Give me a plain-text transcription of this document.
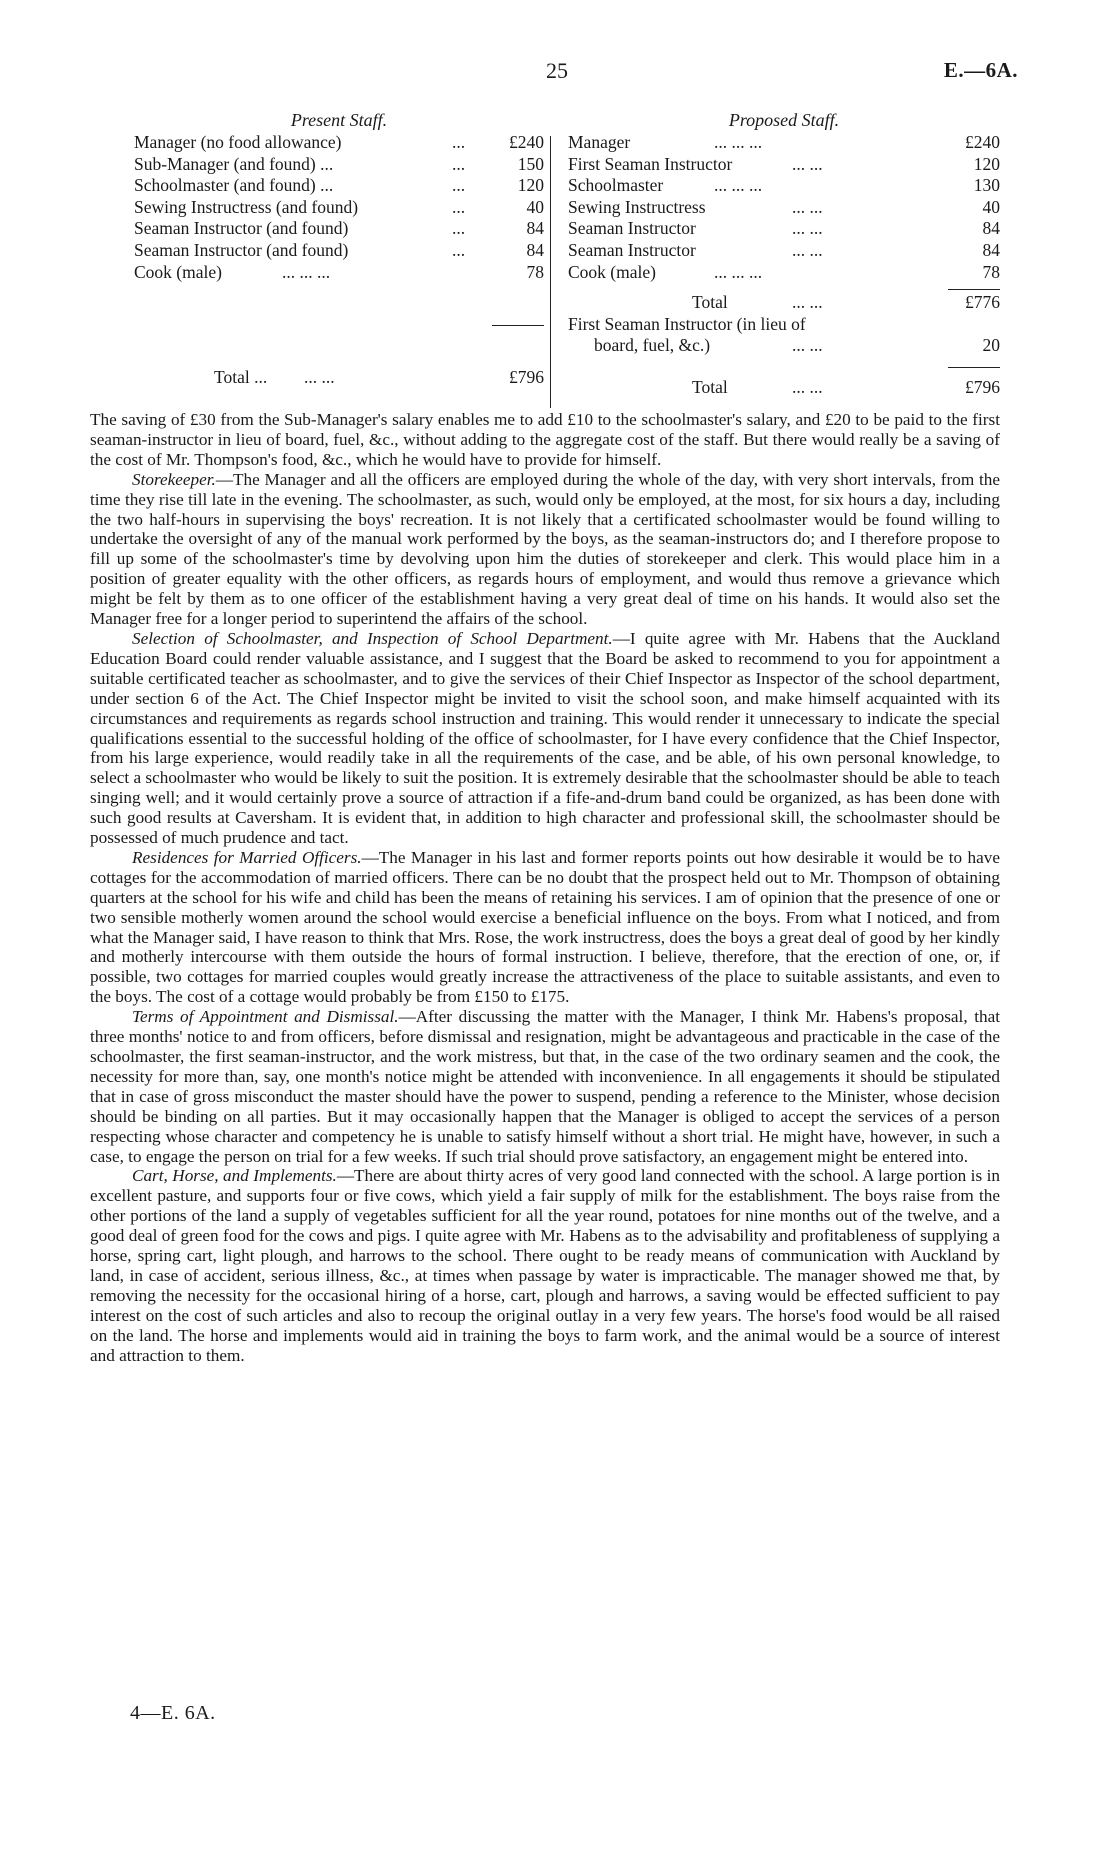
25	E.—6A.
Present Staff.
Manager (no food allowance)	...	£240
Sub-Manager (and found) ...	...	150
Schoolmaster (and found) ...	...	120
Sewing Instructress (and found)	...	40
Seaman Instructor (and found)	...	84
Seaman Instructor (and found)	...	84
Cook (male)	... ... ...	78
Total ... ... ...	£796
Proposed Staff.
Manager	... ... ...	£240
First Seaman Instructor	... ...	120
Schoolmaster	... ... ...	130
Sewing Instructress	... ...	40
Seaman Instructor	... ...	84
Seaman Instructor	... ...	84
Cook (male)	... ... ...	78
Total	... ...	£776
First Seaman Instructor (in lieu of
board, fuel, &c.)	... ...	20
Total	... ...	£796

The saving of £30 from the Sub-Manager's salary enables me to add £10 to the schoolmaster's salary, and £20 to be paid to the first seaman-instructor in lieu of board, fuel, &c., without adding to the aggregate cost of the staff. But there would really be a saving of the cost of Mr. Thompson's food, &c., which he would have to provide for himself.

Storekeeper.—The Manager and all the officers are employed during the whole of the day, with very short intervals, from the time they rise till late in the evening. The schoolmaster, as such, would only be employed, at the most, for six hours a day, including the two half-hours in supervising the boys' recreation. It is not likely that a certificated schoolmaster would be found willing to undertake the oversight of any of the manual work performed by the boys, as the seaman-instructors do; and I therefore propose to fill up some of the schoolmaster's time by devolving upon him the duties of storekeeper and clerk. This would place him in a position of greater equality with the other officers, as regards hours of employment, and would thus remove a grievance which might be felt by them as to one officer of the establishment having a very great deal of time on his hands. It would also set the Manager free for a longer period to superintend the affairs of the school.

Selection of Schoolmaster, and Inspection of School Department.—I quite agree with Mr. Habens that the Auckland Education Board could render valuable assistance, and I suggest that the Board be asked to recommend to you for appointment a suitable certificated teacher as schoolmaster, and to give the services of their Chief Inspector as Inspector of the school department, under section 6 of the Act. The Chief Inspector might be invited to visit the school soon, and make himself acquainted with its circumstances and requirements as regards school instruction and training. This would render it unnecessary to indicate the special qualifications essential to the successful holding of the office of schoolmaster, for I have every confidence that the Chief Inspector, from his large experience, would readily take in all the requirements of the case, and be able, of his own personal knowledge, to select a schoolmaster who would be likely to suit the position. It is extremely desirable that the schoolmaster should be able to teach singing well; and it would certainly prove a source of attraction if a fife-and-drum band could be organized, as has been done with such good results at Caversham. It is evident that, in addition to high character and professional skill, the schoolmaster should be possessed of much prudence and tact.

Residences for Married Officers.—The Manager in his last and former reports points out how desirable it would be to have cottages for the accommodation of married officers. There can be no doubt that the prospect held out to Mr. Thompson of obtaining quarters at the school for his wife and child has been the means of retaining his services. I am of opinion that the presence of one or two sensible motherly women around the school would exercise a beneficial influence on the boys. From what I noticed, and from what the Manager said, I have reason to think that Mrs. Rose, the work instructress, does the boys a great deal of good by her kindly and motherly intercourse with them outside the hours of formal instruction. I believe, therefore, that the erection of one, or, if possible, two cottages for married couples would greatly increase the attractiveness of the place to suitable assistants, and even to the boys. The cost of a cottage would probably be from £150 to £175.

Terms of Appointment and Dismissal.—After discussing the matter with the Manager, I think Mr. Habens's proposal, that three months' notice to and from officers, before dismissal and resignation, might be advantageous and practicable in the case of the schoolmaster, the first seaman-instructor, and the work mistress, but that, in the case of the two ordinary seamen and the cook, the necessity for more than, say, one month's notice might be attended with inconvenience. In all engagements it should be stipulated that in case of gross misconduct the master should have the power to suspend, pending a reference to the Minister, whose decision should be binding on all parties. But it may occasionally happen that the Manager is obliged to accept the services of a person respecting whose character and competency he is unable to satisfy himself without a short trial. He might have, however, in such a case, to engage the person on trial for a few weeks. If such trial should prove satisfactory, an engagement might be entered into.

Cart, Horse, and Implements.—There are about thirty acres of very good land connected with the school. A large portion is in excellent pasture, and supports four or five cows, which yield a fair supply of milk for the establishment. The boys raise from the other portions of the land a supply of vegetables sufficient for all the year round, potatoes for nine months out of the twelve, and a good deal of green food for the cows and pigs. I quite agree with Mr. Habens as to the advisability and profitableness of supplying a horse, spring cart, light plough, and harrows to the school. There ought to be ready means of communication with Auckland by land, in case of accident, serious illness, &c., at times when passage by water is impracticable. The manager showed me that, by removing the necessity for the occasional hiring of a horse, cart, plough and harrows, a saving would be effected sufficient to pay interest on the cost of such articles and also to recoup the original outlay in a very few years. The horse's food would be all raised on the land. The horse and implements would aid in training the boys to farm work, and the animal would be a source of interest and attraction to them.

4—E. 6A.
